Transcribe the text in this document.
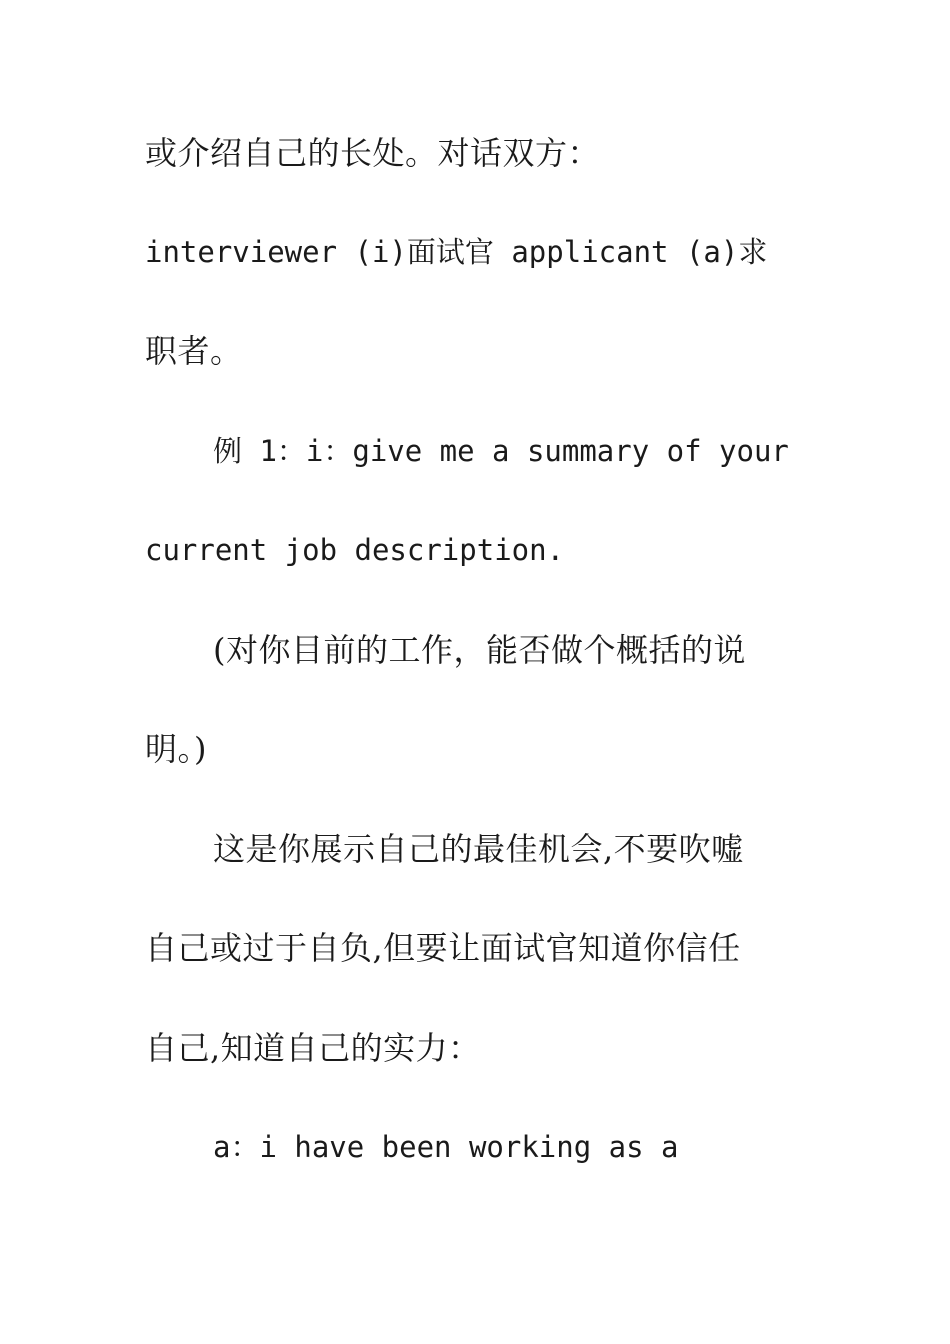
或介绍自己的长处。对话双方：

interviewer (i)面试官 applicant (a)求

职者。

例 1：i：give me a summary of your

current job description.

(对你目前的工作，能否做个概括的说

明。)

这是你展示自己的最佳机会,不要吹嘘

自己或过于自负,但要让面试官知道你信任

自己,知道自己的实力：

a：i have been working as a
